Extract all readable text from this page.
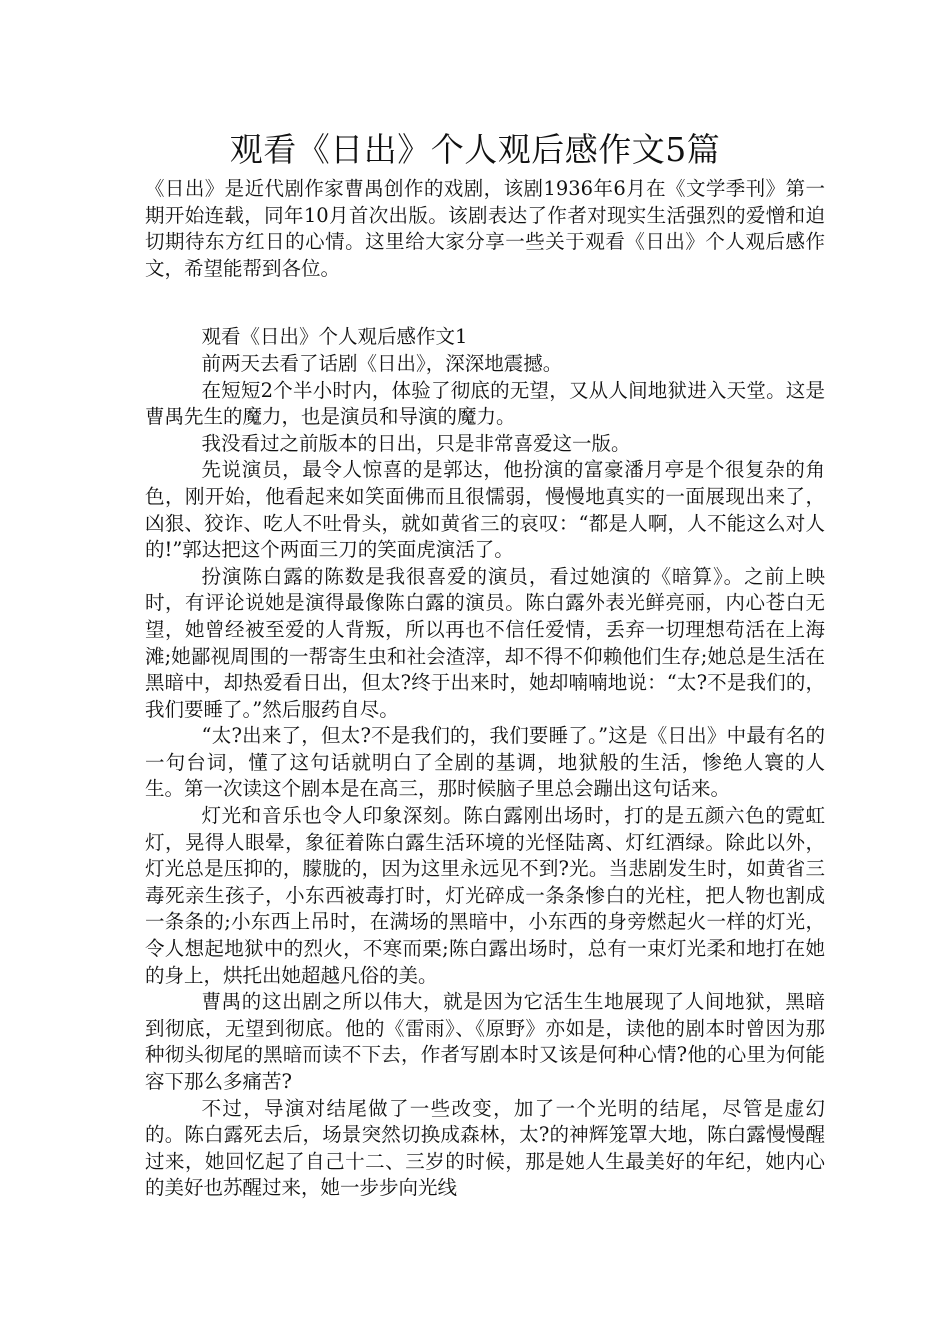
观看《日出》个人观后感作文5篇

《日出》是近代剧作家曹禺创作的戏剧，该剧1936年6月在《文学季刊》第一期开始连载，同年10月首次出版。该剧表达了作者对现实生活强烈的爱憎和迫切期待东方红日的心情。这里给大家分享一些关于观看《日出》个人观后感作文，希望能帮到各位。

观看《日出》个人观后感作文1

前两天去看了话剧《日出》，深深地震撼。

在短短2个半小时内，体验了彻底的无望，又从人间地狱进入天堂。这是曹禺先生的魔力，也是演员和导演的魔力。

我没看过之前版本的日出，只是非常喜爱这一版。

先说演员，最令人惊喜的是郭达，他扮演的富豪潘月亭是个很复杂的角色，刚开始，他看起来如笑面佛而且很懦弱，慢慢地真实的一面展现出来了，凶狠、狡诈、吃人不吐骨头，就如黄省三的哀叹：“都是人啊，人不能这么对人的!”郭达把这个两面三刀的笑面虎演活了。

扮演陈白露的陈数是我很喜爱的演员，看过她演的《暗算》。之前上映时，有评论说她是演得最像陈白露的演员。陈白露外表光鲜亮丽，内心苍白无望，她曾经被至爱的人背叛，所以再也不信任爱情，丢弃一切理想苟活在上海滩;她鄙视周围的一帮寄生虫和社会渣滓，却不得不仰赖他们生存;她总是生活在黑暗中，却热爱看日出，但太?终于出来时，她却喃喃地说：“太?不是我们的，我们要睡了。”然后服药自尽。

“太?出来了，但太?不是我们的，我们要睡了。”这是《日出》中最有名的一句台词，懂了这句话就明白了全剧的基调，地狱般的生活，惨绝人寰的人生。第一次读这个剧本是在高三，那时候脑子里总会蹦出这句话来。

灯光和音乐也令人印象深刻。陈白露刚出场时，打的是五颜六色的霓虹灯，晃得人眼晕，象征着陈白露生活环境的光怪陆离、灯红酒绿。除此以外，灯光总是压抑的，朦胧的，因为这里永远见不到?光。当悲剧发生时，如黄省三毒死亲生孩子，小东西被毒打时，灯光碎成一条条惨白的光柱，把人物也割成一条条的;小东西上吊时，在满场的黑暗中，小东西的身旁燃起火一样的灯光，令人想起地狱中的烈火，不寒而栗;陈白露出场时，总有一束灯光柔和地打在她的身上，烘托出她超越凡俗的美。

曹禺的这出剧之所以伟大，就是因为它活生生地展现了人间地狱，黑暗到彻底，无望到彻底。他的《雷雨》、《原野》亦如是，读他的剧本时曾因为那种彻头彻尾的黑暗而读不下去，作者写剧本时又该是何种心情?他的心里为何能容下那么多痛苦?

不过，导演对结尾做了一些改变，加了一个光明的结尾，尽管是虚幻的。陈白露死去后，场景突然切换成森林，太?的神辉笼罩大地，陈白露慢慢醒过来，她回忆起了自己十二、三岁的时候，那是她人生最美好的年纪，她内心的美好也苏醒过来，她一步步向光线
